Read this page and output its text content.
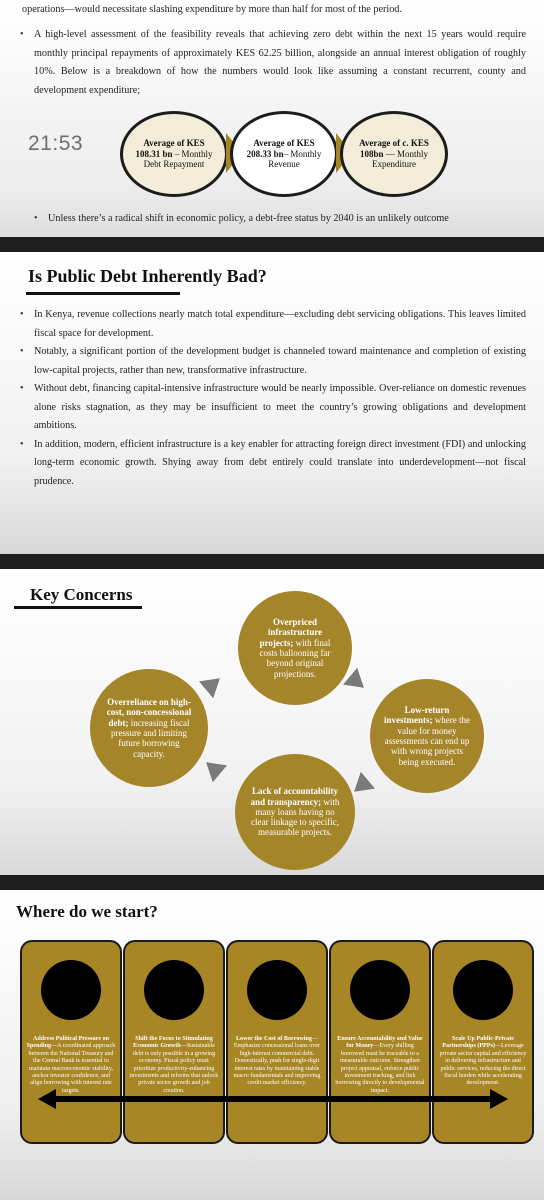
operations—would necessitate slashing expenditure by more than half for most of the period.
• A high-level assessment of the feasibility reveals that achieving zero debt within the next 15 years would require monthly principal repayments of approximately KES 62.25 billion, alongside an annual interest obligation of roughly 10%. Below is a breakdown of how the numbers would look like assuming a constant recurrent, county and development expenditure;
21:53	Average of KES 108.31 bn – Monthly Debt Repayment
Average of KES 208.33 bn– Monthly Revenue
Average of c. KES 108bn — Monthly Expenditure
• Unless there’s a radical shift in economic policy, a debt-free status by 2040 is an unlikely outcome
Is Public Debt Inherently Bad?
• In Kenya, revenue collections nearly match total expenditure—excluding debt servicing obligations. This leaves limited fiscal space for development.
• Notably, a significant portion of the development budget is channeled toward maintenance and completion of existing low-capital projects, rather than new, transformative infrastructure.
• Without debt, financing capital-intensive infrastructure would be nearly impossible. Over-reliance on domestic revenues alone risks stagnation, as they may be insufficient to meet the country’s growing obligations and development ambitions.
• In addition, modern, efficient infrastructure is a key enabler for attracting foreign direct investment (FDI) and unlocking long-term economic growth. Shying away from debt entirely could translate into underdevelopment—not fiscal prudence.
Key Concerns
Overpriced infrastructure projects; with final costs ballooning far beyond original projections.
Low-return investments; where the value for money assessments can end up with wrong projects being executed.
Lack of accountability and transparency; with many loans having no clear linkage to specific, measurable projects.
Overreliance on high-cost, non-concessional debt; increasing fiscal pressure and limiting future borrowing capacity.
Where do we start?
Address Political Pressure on Spending—A coordinated approach between the National Treasury and the Central Bank is essential to maintain macroeconomic stability, anchor investor confidence, and align borrowing with interest rate targets.
Shift the Focus to Stimulating Economic Growth—Sustainable debt is only possible in a growing economy. Fiscal policy must prioritize productivity-enhancing investments and reforms that unlock private sector growth and job creation.
Lower the Cost of Borrowing—Emphasize concessional loans over high-interest commercial debt. Domestically, push for single-digit interest rates by maintaining stable macro fundamentals and improving credit market efficiency.
Ensure Accountability and Value for Money—Every shilling borrowed must be traceable to a measurable outcome. Strengthen project appraisal, enforce public investment tracking, and link borrowing directly to developmental impact.
Scale Up Public-Private Partnerships (PPPs)—Leverage private sector capital and efficiency in delivering infrastructure and public services, reducing the direct fiscal burden while accelerating development.
